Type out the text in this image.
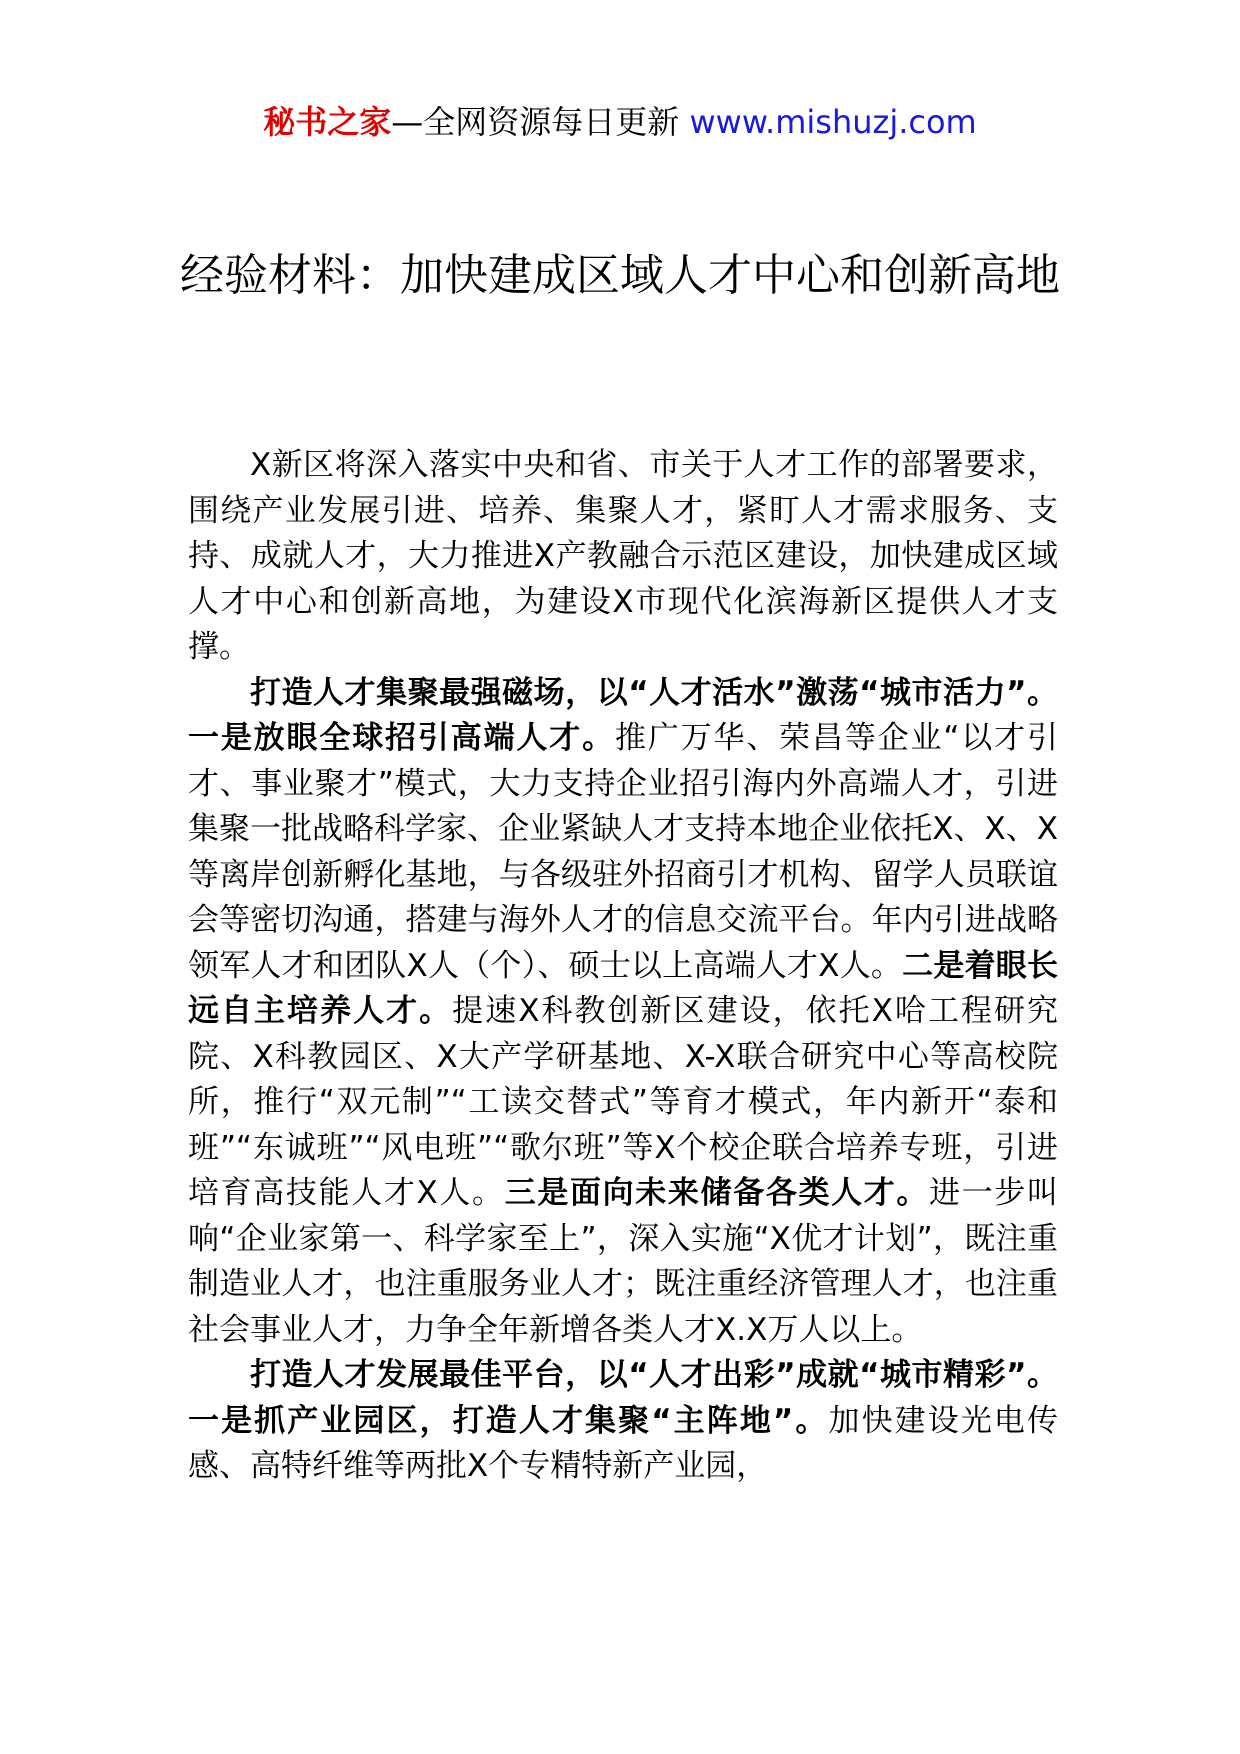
秘书之家—全网资源每日更新 www.mishuzj.com
经验材料：加快建成区域人才中心和创新高地

X新区将深入落实中央和省、市关于人才工作的部署要求，围绕产业发展引进、培养、集聚人才，紧盯人才需求服务、支持、成就人才，大力推进X产教融合示范区建设，加快建成区域人才中心和创新高地，为建设X市现代化滨海新区提供人才支撑。

打造人才集聚最强磁场，以“人才活水”激荡“城市活力”。一是放眼全球招引高端人才。推广万华、荣昌等企业“以才引才、事业聚才”模式，大力支持企业招引海内外高端人才，引进集聚一批战略科学家、企业紧缺人才支持本地企业依托X、X、X等离岸创新孵化基地，与各级驻外招商引才机构、留学人员联谊会等密切沟通，搭建与海外人才的信息交流平台。年内引进战略领军人才和团队X人（个）、硕士以上高端人才X人。二是着眼长远自主培养人才。提速X科教创新区建设，依托X哈工程研究院、X科教园区、X大产学研基地、X-X联合研究中心等高校院所，推行“双元制”“工读交替式”等育才模式，年内新开“泰和班”“东诚班”“风电班”“歌尔班”等X个校企联合培养专班，引进培育高技能人才X人。三是面向未来储备各类人才。进一步叫响“企业家第一、科学家至上”，深入实施“X优才计划”，既注重制造业人才，也注重服务业人才；既注重经济管理人才，也注重社会事业人才，力争全年新增各类人才X.X万人以上。

打造人才发展最佳平台，以“人才出彩”成就“城市精彩”。一是抓产业园区，打造人才集聚“主阵地”。加快建设光电传感、高特纤维等两批X个专精特新产业园，
